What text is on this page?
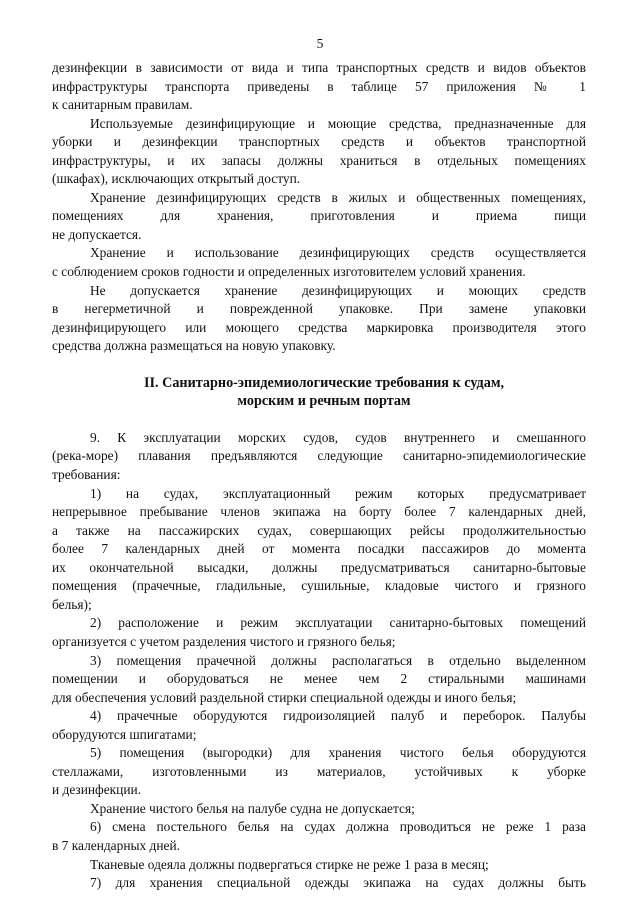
5
дезинфекции в зависимости от вида и типа транспортных средств и видов объектов
инфраструктуры транспорта приведены в таблице 57 приложения № 1
к санитарным правилам.
Используемые дезинфицирующие и моющие средства, предназначенные для
уборки и дезинфекции транспортных средств и объектов транспортной
инфраструктуры, и их запасы должны храниться в отдельных помещениях
(шкафах), исключающих открытый доступ.
Хранение дезинфицирующих средств в жилых и общественных помещениях,
помещениях для хранения, приготовления и приема пищи
не допускается.
Хранение и использование дезинфицирующих средств осуществляется
с соблюдением сроков годности и определенных изготовителем условий хранения.
Не допускается хранение дезинфицирующих и моющих средств
в негерметичной и поврежденной упаковке. При замене упаковки
дезинфицирующего или моющего средства маркировка производителя этого
средства должна размещаться на новую упаковку.
II. Санитарно-эпидемиологические требования к судам,
морским и речным портам
9. К эксплуатации морских судов, судов внутреннего и смешанного
(река-море) плавания предъявляются следующие санитарно-эпидемиологические
требования:
1) на судах, эксплуатационный режим которых предусматривает
непрерывное пребывание членов экипажа на борту более 7 календарных дней,
а также на пассажирских судах, совершающих рейсы продолжительностью
более 7 календарных дней от момента посадки пассажиров до момента
их окончательной высадки, должны предусматриваться санитарно-бытовые
помещения (прачечные, гладильные, сушильные, кладовые чистого и грязного
белья);
2) расположение и режим эксплуатации санитарно-бытовых помещений
организуется с учетом разделения чистого и грязного белья;
3) помещения прачечной должны располагаться в отдельно выделенном
помещении и оборудоваться не менее чем 2 стиральными машинами
для обеспечения условий раздельной стирки специальной одежды и иного белья;
4) прачечные оборудуются гидроизоляцией палуб и переборок. Палубы
оборудуются шпигатами;
5) помещения (выгородки) для хранения чистого белья оборудуются
стеллажами, изготовленными из материалов, устойчивых к уборке
и дезинфекции.
Хранение чистого белья на палубе судна не допускается;
6) смена постельного белья на судах должна проводиться не реже 1 раза
в 7 календарных дней.
Тканевые одеяла должны подвергаться стирке не реже 1 раза в месяц;
7) для хранения специальной одежды экипажа на судах должны быть
